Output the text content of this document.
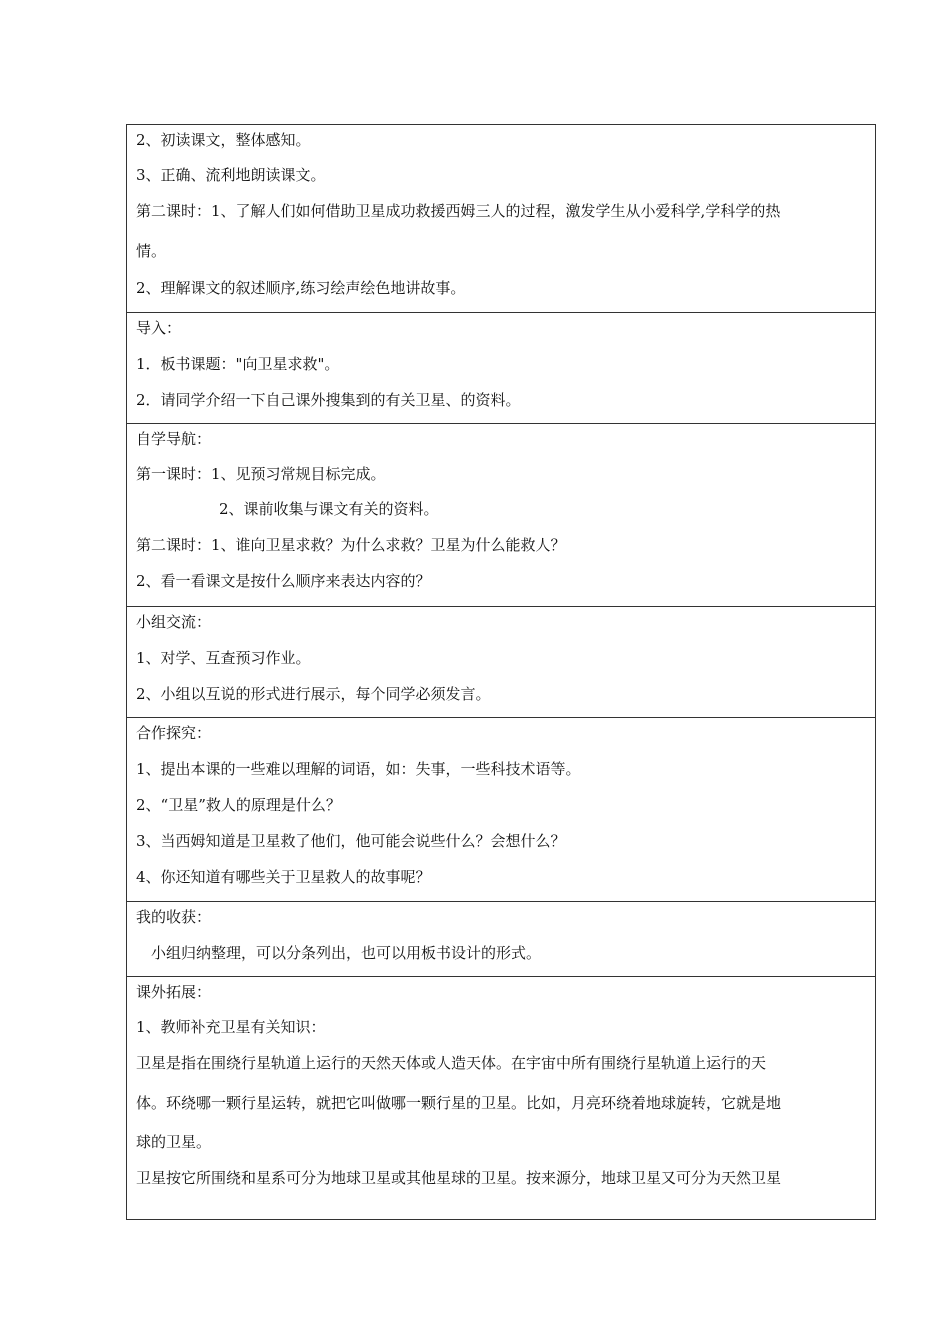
2、初读课文，整体感知。
3、正确、流利地朗读课文。
第二课时：1、了解人们如何借助卫星成功救援西姆三人的过程，激发学生从小爱科学,学科学的热
情。
2、理解课文的叙述顺序,练习绘声绘色地讲故事。
导入：
1．板书课题："向卫星求救"。
2．请同学介绍一下自己课外搜集到的有关卫星、的资料。
自学导航：
第一课时：1、见预习常规目标完成。
2、课前收集与课文有关的资料。
第二课时：1、谁向卫星求救？为什么求救？卫星为什么能救人？
2、看一看课文是按什么顺序来表达内容的？
小组交流：
1、对学、互查预习作业。
2、小组以互说的形式进行展示，每个同学必须发言。
合作探究：
1、提出本课的一些难以理解的词语，如：失事，一些科技术语等。
2、“卫星”救人的原理是什么？
3、当西姆知道是卫星救了他们，他可能会说些什么？会想什么？
4、你还知道有哪些关于卫星救人的故事呢？
我的收获：
小组归纳整理，可以分条列出，也可以用板书设计的形式。
课外拓展：
1、教师补充卫星有关知识：
卫星是指在围绕行星轨道上运行的天然天体或人造天体。在宇宙中所有围绕行星轨道上运行的天
体。环绕哪一颗行星运转，就把它叫做哪一颗行星的卫星。比如，月亮环绕着地球旋转，它就是地
球的卫星。
卫星按它所围绕和星系可分为地球卫星或其他星球的卫星。按来源分，地球卫星又可分为天然卫星
